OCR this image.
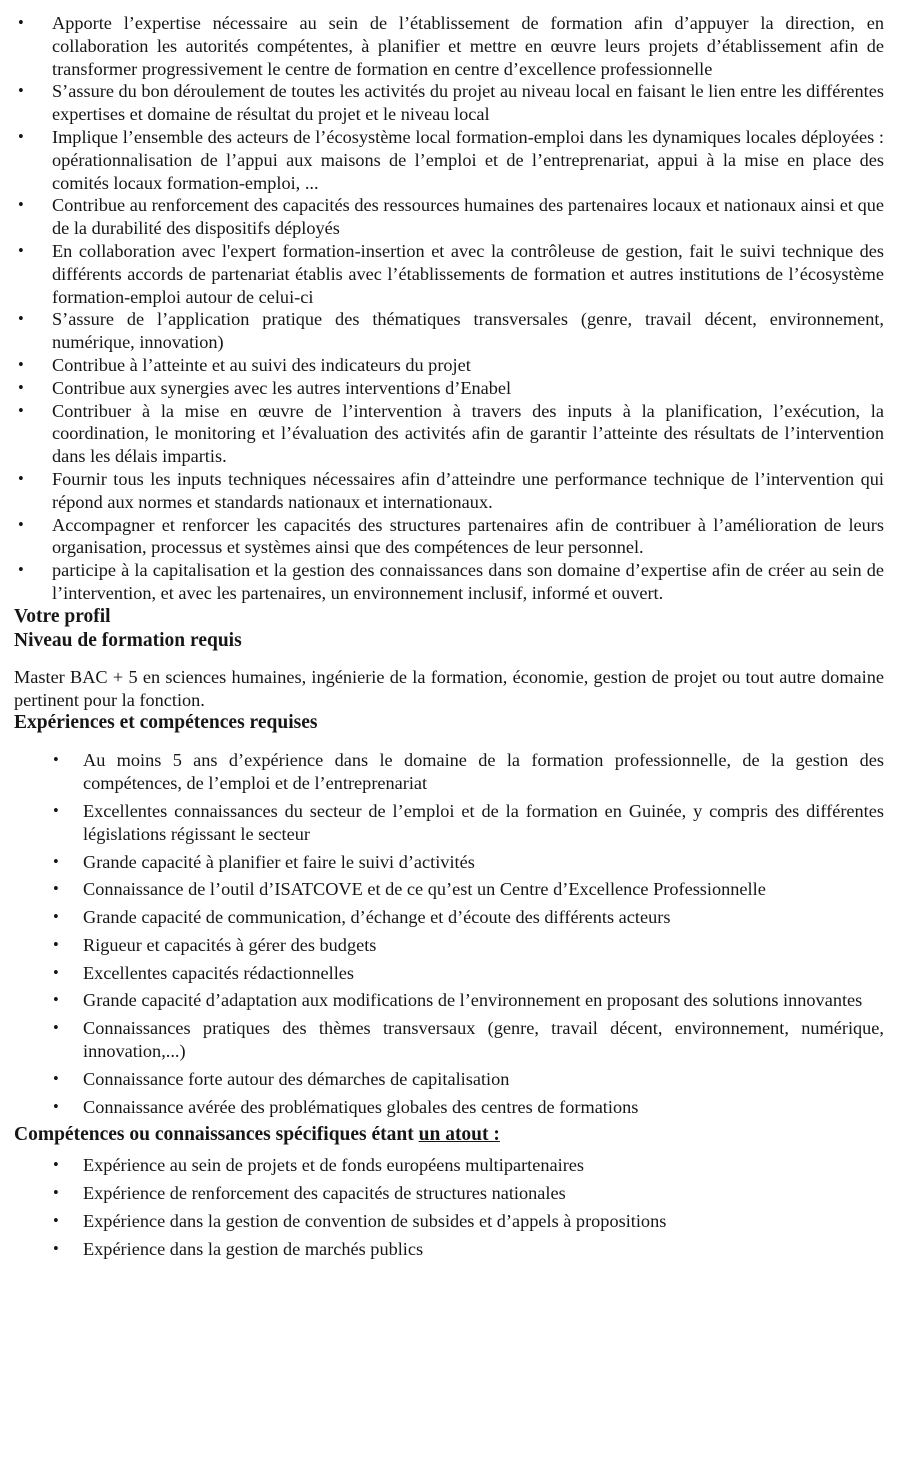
• Apporte l’expertise nécessaire au sein de l’établissement de formation afin d’appuyer la direction, en collaboration les autorités compétentes, à planifier et mettre en œuvre leurs projets d’établissement afin de transformer progressivement le centre de formation en centre d’excellence professionnelle
• S’assure du bon déroulement de toutes les activités du projet au niveau local en faisant le lien entre les différentes expertises et domaine de résultat du projet et le niveau local
• Implique l’ensemble des acteurs de l’écosystème local formation-emploi dans les dynamiques locales déployées : opérationnalisation de l’appui aux maisons de l’emploi et de l’entreprenariat, appui à la mise en place des comités locaux formation-emploi, ...
• Contribue au renforcement des capacités des ressources humaines des partenaires locaux et nationaux ainsi et que de la durabilité des dispositifs déployés
• En collaboration avec l'expert formation-insertion et avec la contrôleuse de gestion, fait le suivi technique des différents accords de partenariat établis avec l’établissements de formation et autres institutions de l’écosystème formation-emploi autour de celui-ci
• S’assure de l’application pratique des thématiques transversales (genre, travail décent, environnement, numérique, innovation)
• Contribue à l’atteinte et au suivi des indicateurs du projet
• Contribue aux synergies avec les autres interventions d’Enabel
• Contribuer à la mise en œuvre de l’intervention à travers des inputs à la planification, l’exécution, la coordination, le monitoring et l’évaluation des activités afin de garantir l’atteinte des résultats de l’intervention dans les délais impartis.
• Fournir tous les inputs techniques nécessaires afin d’atteindre une performance technique de l’intervention qui répond aux normes et standards nationaux et internationaux.
• Accompagner et renforcer les capacités des structures partenaires afin de contribuer à l’amélioration de leurs organisation, processus et systèmes ainsi que des compétences de leur personnel.
• participe à la capitalisation et la gestion des connaissances dans son domaine d’expertise afin de créer au sein de l’intervention, et avec les partenaires, un environnement inclusif, informé et ouvert.
Votre profil
Niveau de formation requis

Master BAC + 5 en sciences humaines, ingénierie de la formation, économie, gestion de projet ou tout autre domaine pertinent pour la fonction.

Expériences et compétences requises
• Au moins 5 ans d’expérience dans le domaine de la formation professionnelle, de la gestion des compétences, de l’emploi et de l’entreprenariat
• Excellentes connaissances du secteur de l’emploi et de la formation en Guinée, y compris des différentes législations régissant le secteur
• Grande capacité à planifier et faire le suivi d’activités
• Connaissance de l’outil d’ISATCOVE et de ce qu’est un Centre d’Excellence Professionnelle
• Grande capacité de communication, d’échange et d’écoute des différents acteurs
• Rigueur et capacités à gérer des budgets
• Excellentes capacités rédactionnelles
• Grande capacité d’adaptation aux modifications de l’environnement en proposant des solutions innovantes
• Connaissances pratiques des thèmes transversaux (genre, travail décent, environnement, numérique, innovation,...)
• Connaissance forte autour des démarches de capitalisation
• Connaissance avérée des problématiques globales des centres de formations
Compétences ou connaissances spécifiques étant un atout :
• Expérience au sein de projets et de fonds européens multipartenaires
• Expérience de renforcement des capacités de structures nationales
• Expérience dans la gestion de convention de subsides et d’appels à propositions
• Expérience dans la gestion de marchés publics
